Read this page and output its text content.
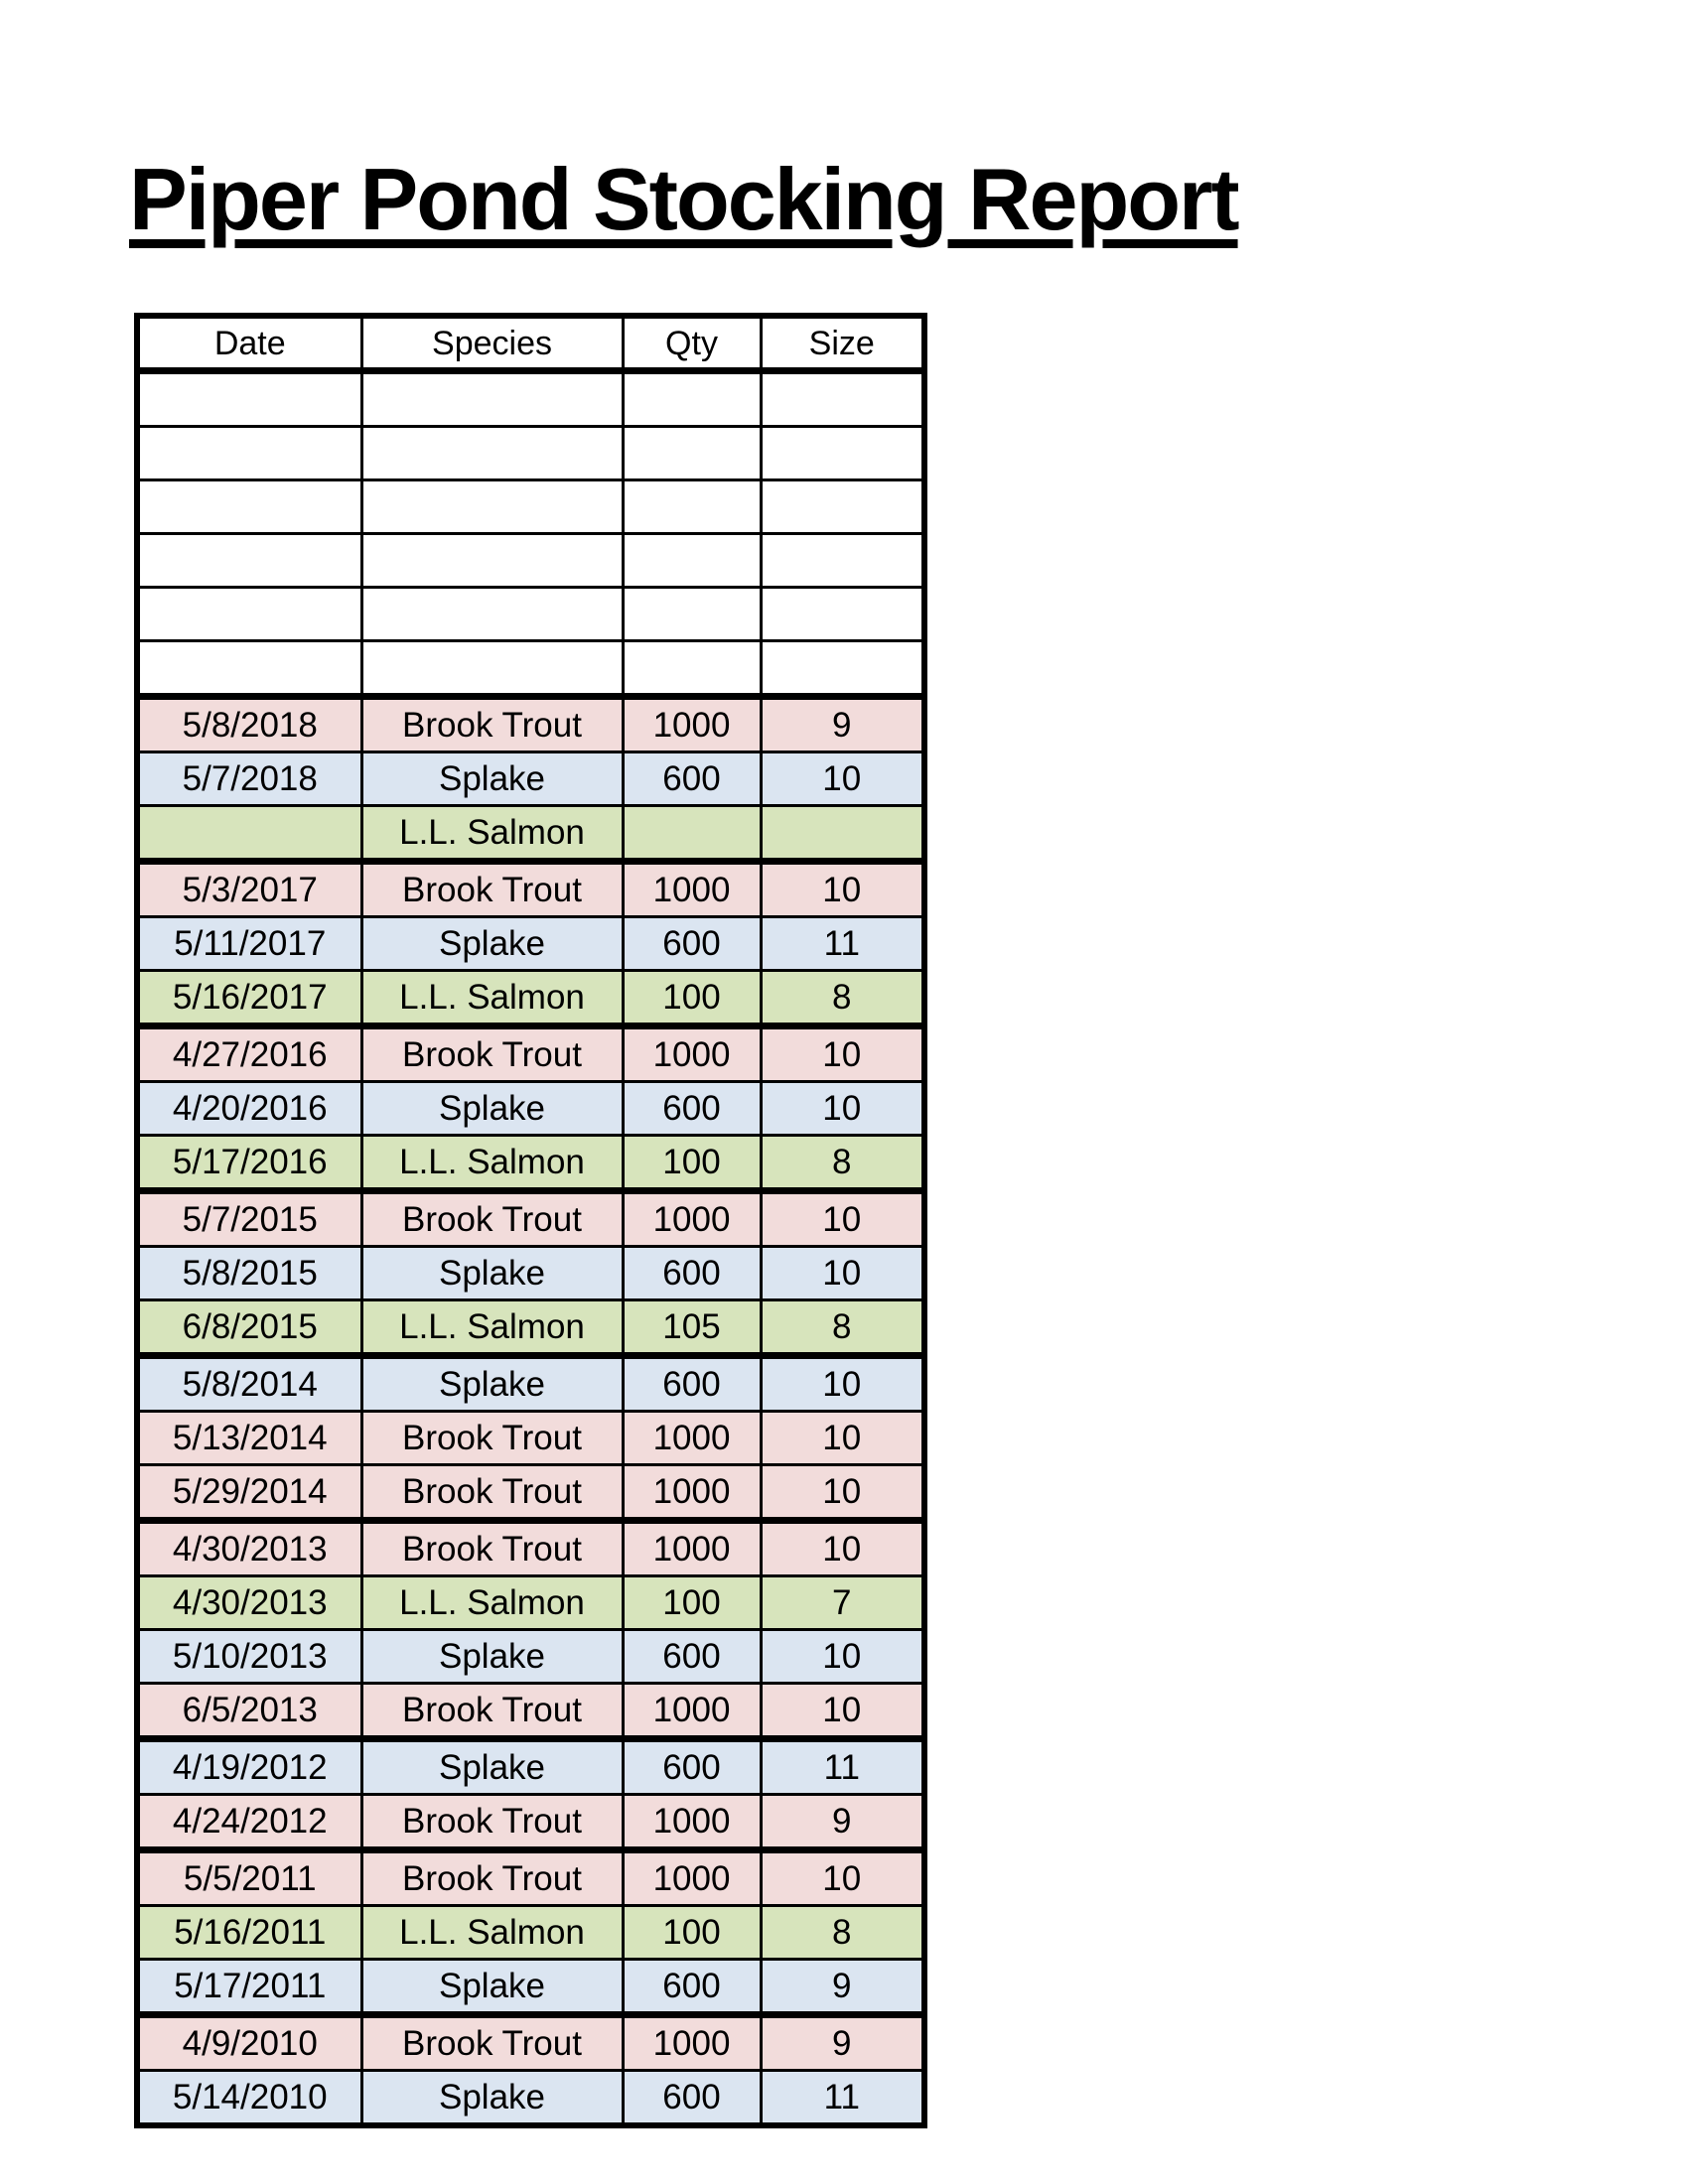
Piper Pond Stocking Report
Date	Species	Qty	Size

5/8/2018	Brook Trout	1000	9
5/7/2018	Splake	600	10
	L.L. Salmon		
5/3/2017	Brook Trout	1000	10
5/11/2017	Splake	600	11
5/16/2017	L.L. Salmon	100	8
4/27/2016	Brook Trout	1000	10
4/20/2016	Splake	600	10
5/17/2016	L.L. Salmon	100	8
5/7/2015	Brook Trout	1000	10
5/8/2015	Splake	600	10
6/8/2015	L.L. Salmon	105	8
5/8/2014	Splake	600	10
5/13/2014	Brook Trout	1000	10
5/29/2014	Brook Trout	1000	10
4/30/2013	Brook Trout	1000	10
4/30/2013	L.L. Salmon	100	7
5/10/2013	Splake	600	10
6/5/2013	Brook Trout	1000	10
4/19/2012	Splake	600	11
4/24/2012	Brook Trout	1000	9
5/5/2011	Brook Trout	1000	10
5/16/2011	L.L. Salmon	100	8
5/17/2011	Splake	600	9
4/9/2010	Brook Trout	1000	9
5/14/2010	Splake	600	11
